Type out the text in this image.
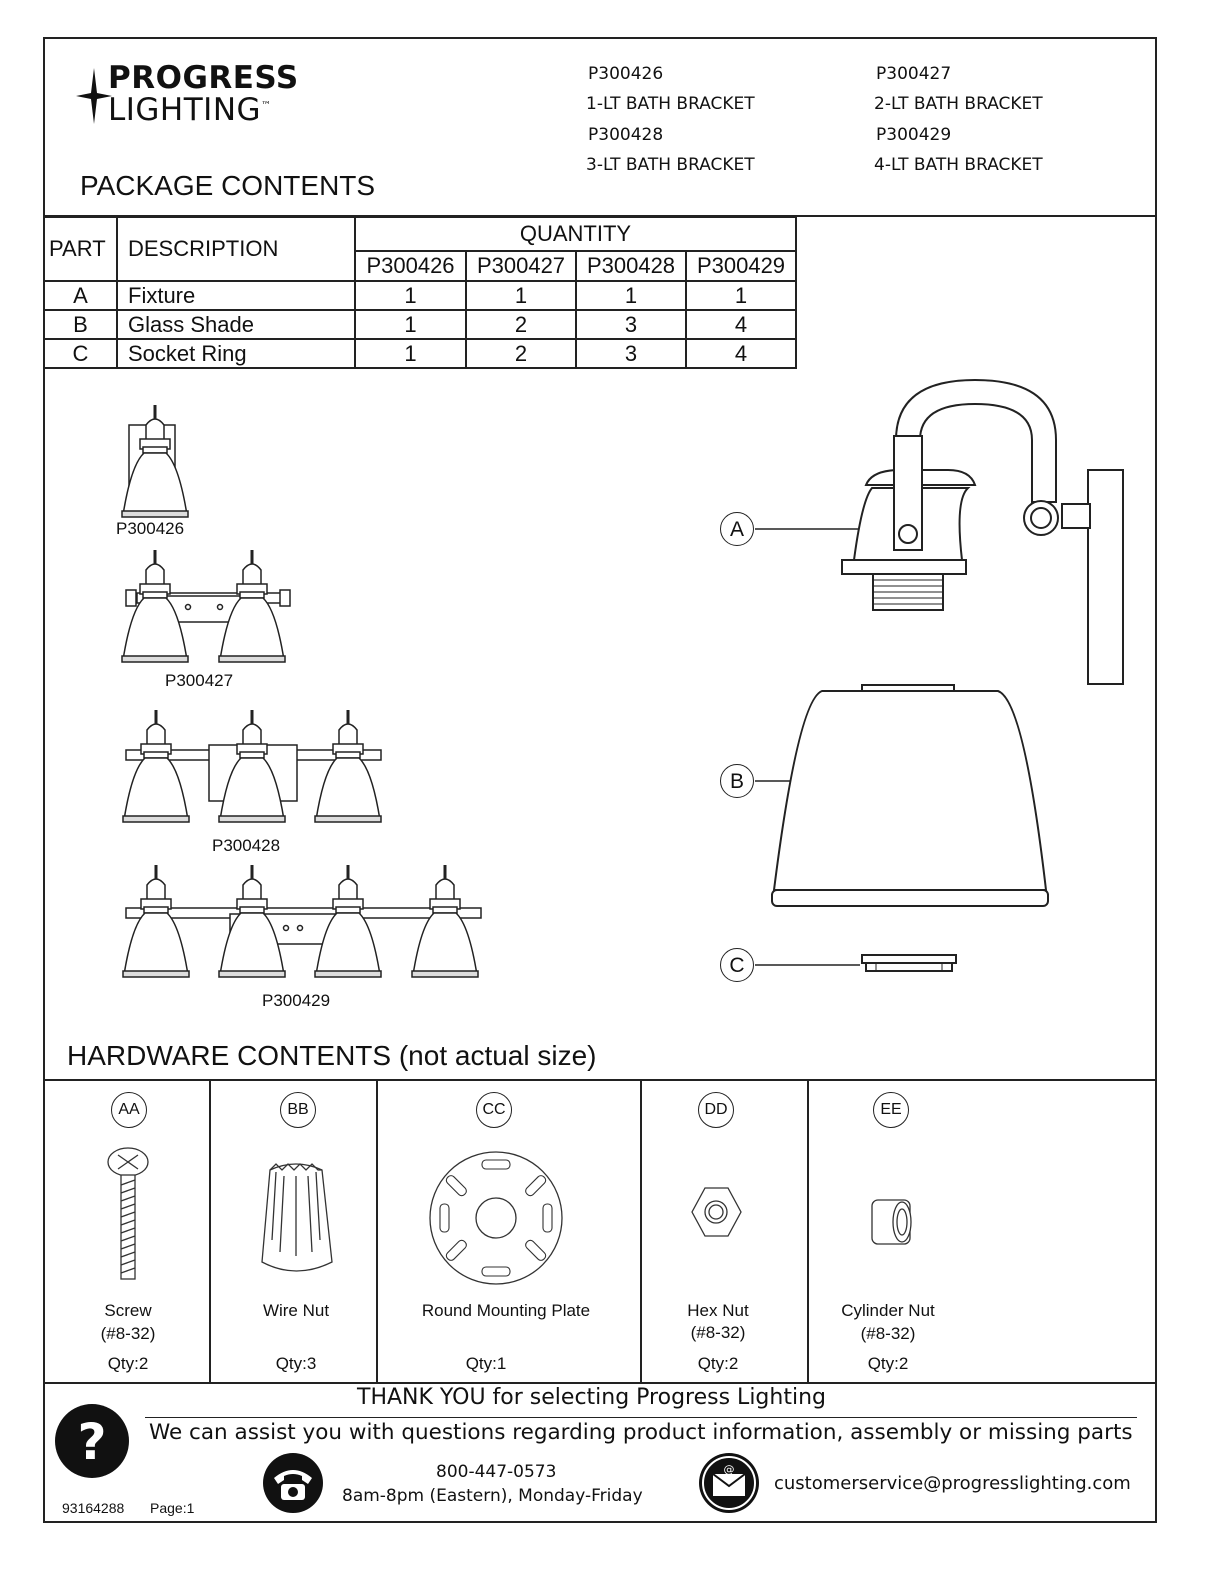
PROGRESS
LIGHTING™
P300426
1-LT BATH BRACKET
P300428
3-LT BATH BRACKET
P300427
2-LT BATH BRACKET
P300429
4-LT BATH BRACKET
PACKAGE CONTENTS
PART	DESCRIPTION	QUANTITY			
		P300426	P300427	P300428	P300429
A	Fixture	1	1	1	1
B	Glass Shade	1	2	3	4
C	Socket Ring	1	2	3	4
P300426
P300427
P300428
P300429
A
B
C
HARDWARE CONTENTS (not actual size)
AA	BB	CC	DD	EE
Screw
(#8-32)
Qty:2
Wire Nut
Qty:3
Round Mounting Plate
Qty:1
Hex Nut
(#8-32)
Qty:2
Cylinder Nut
(#8-32)
Qty:2
THANK YOU for selecting Progress Lighting
We can assist you with questions regarding product information, assembly or missing parts
?
800-447-0573
8am-8pm (Eastern), Monday-Friday
@
customerservice@progresslighting.com
93164288 Page:1
